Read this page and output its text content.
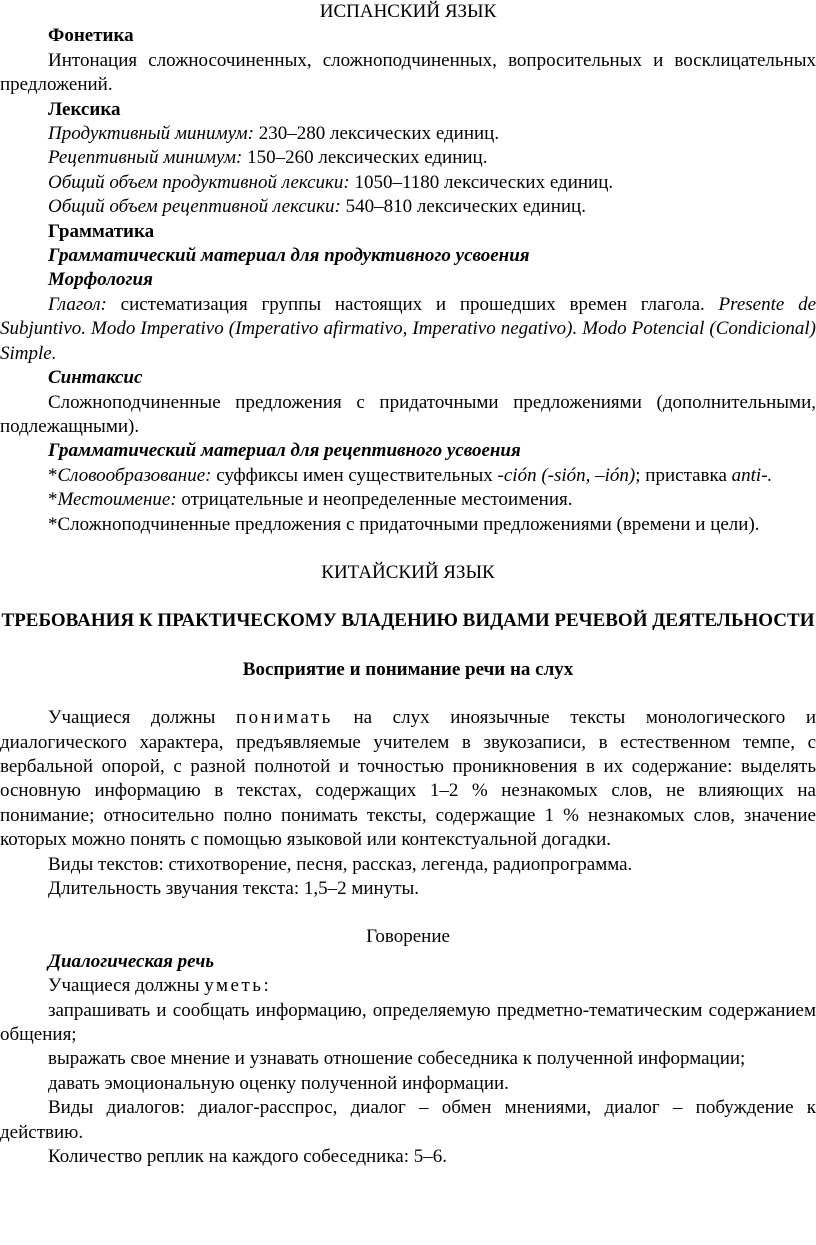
ИСПАНСКИЙ ЯЗЫК

Фонетика

Интонация сложносочиненных, сложноподчиненных, вопросительных и восклицательных предложений.

Лексика

Продуктивный минимум: 230–280 лексических единиц.

Рецептивный минимум: 150–260 лексических единиц.

Общий объем продуктивной лексики: 1050–1180 лексических единиц.

Общий объем рецептивной лексики: 540–810 лексических единиц.

Грамматика

Грамматический материал для продуктивного усвоения

Морфология

Глагол: систематизация группы настоящих и прошедших времен глагола. Presente de Subjuntivo. Modo Imperativo (Imperativo afirmativo, Imperativo negativo). Modo Potencial (Condicional) Simple.

Синтаксис

Сложноподчиненные предложения с придаточными предложениями (дополнительными, подлежащными).

Грамматический материал для рецептивного усвоения

*Словообразование: суффиксы имен существительных -ción (-sión, –ión); приставка anti-.

*Местоимение: отрицательные и неопределенные местоимения.

*Сложноподчиненные предложения с придаточными предложениями (времени и цели).

КИТАЙСКИЙ ЯЗЫК

ТРЕБОВАНИЯ К ПРАКТИЧЕСКОМУ ВЛАДЕНИЮ ВИДАМИ РЕЧЕВОЙ ДЕЯТЕЛЬНОСТИ

Восприятие и понимание речи на слух

Учащиеся должны понимать на слух иноязычные тексты монологического и диалогического характера, предъявляемые учителем в звукозаписи, в естественном темпе, с вербальной опорой, с разной полнотой и точностью проникновения в их содержание: выделять основную информацию в текстах, содержащих 1–2 % незнакомых слов, не влияющих на понимание; относительно полно понимать тексты, содержащие 1 % незнакомых слов, значение которых можно понять с помощью языковой или контекстуальной догадки.

Виды текстов: стихотворение, песня, рассказ, легенда, радиопрограмма.

Длительность звучания текста: 1,5–2 минуты.

Говорение

Диалогическая речь

Учащиеся должны уметь:

запрашивать и сообщать информацию, определяемую предметно-тематическим содержанием общения;

выражать свое мнение и узнавать отношение собеседника к полученной информации;

давать эмоциональную оценку полученной информации.

Виды диалогов: диалог-расспрос, диалог – обмен мнениями, диалог – побуждение к действию.

Количество реплик на каждого собеседника: 5–6.
